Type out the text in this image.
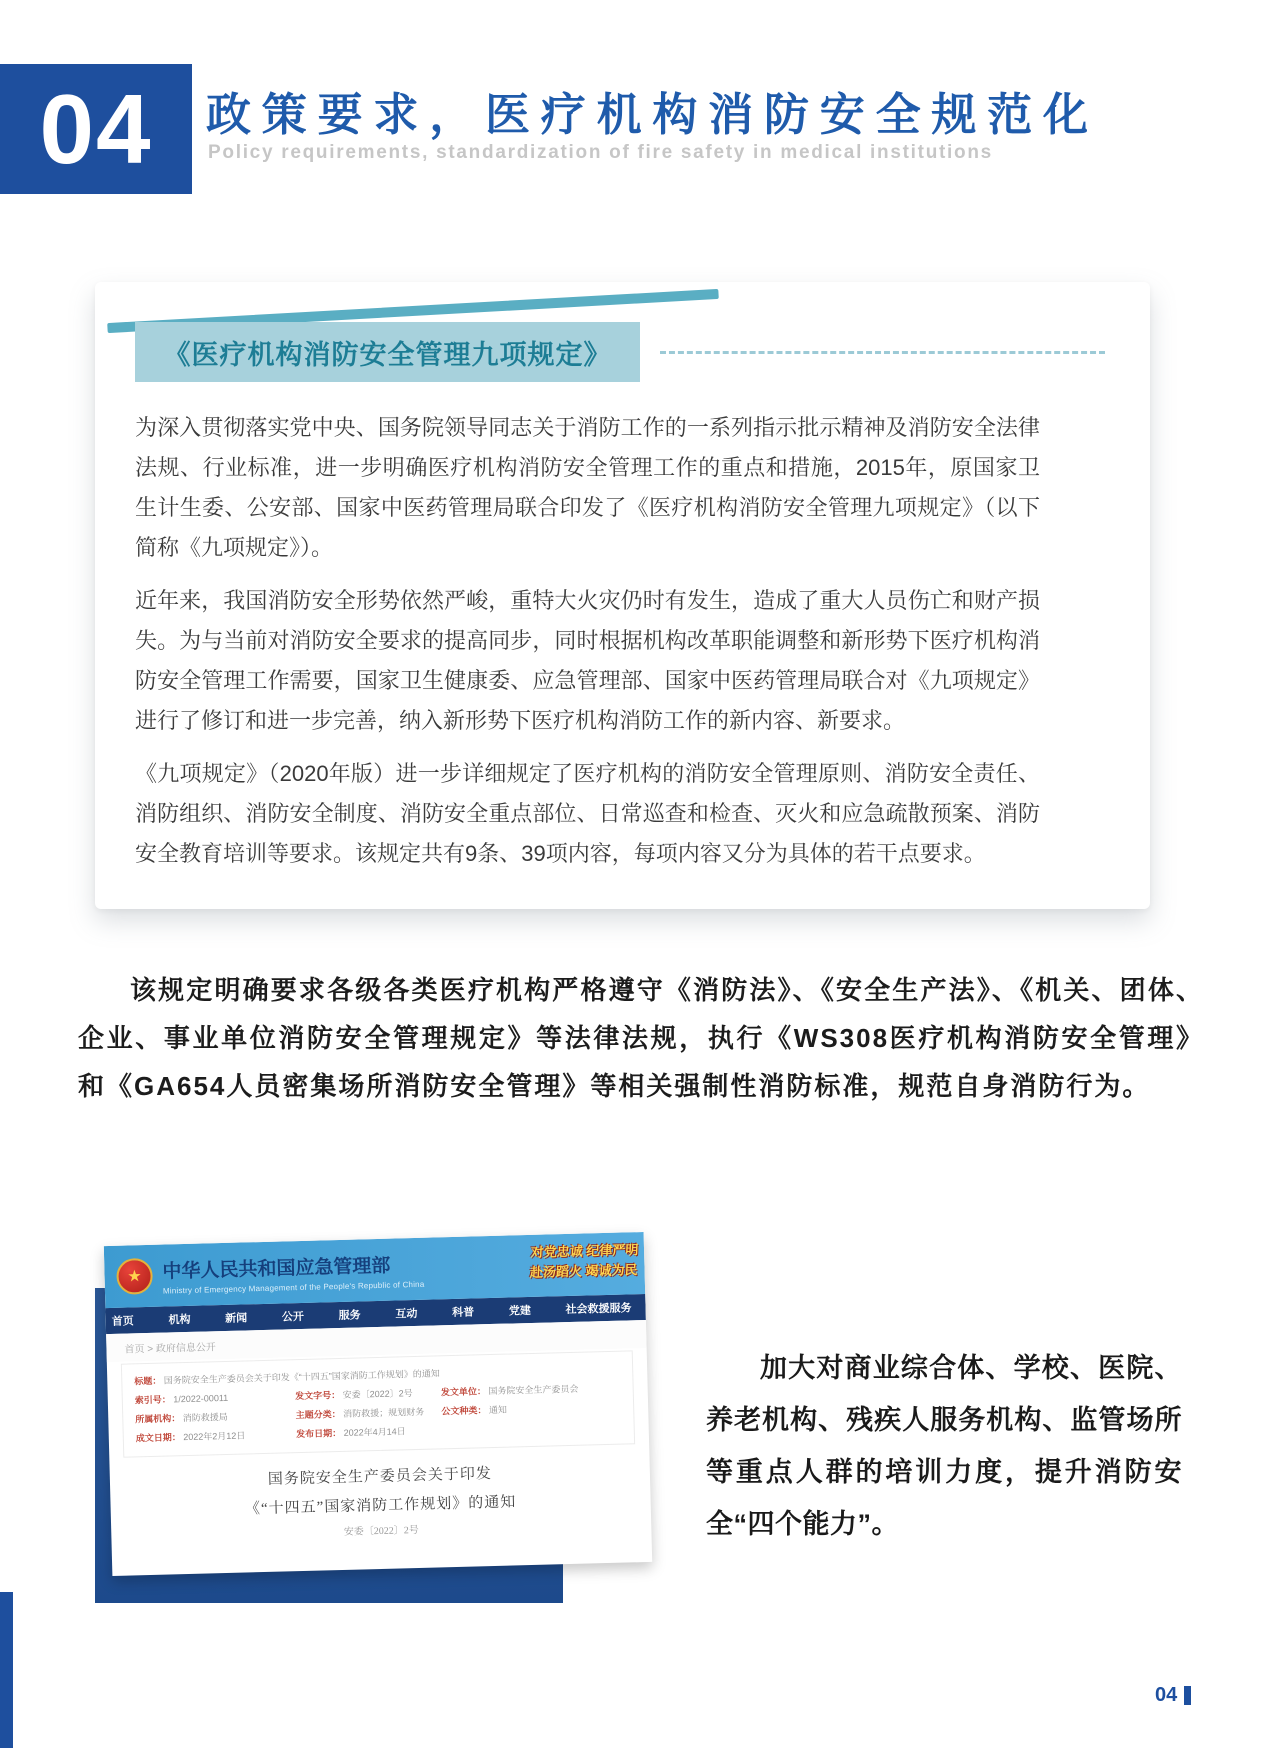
04 政策要求，医疗机构消防安全规范化
Policy requirements, standardization of fire safety in medical institutions
《医疗机构消防安全管理九项规定》

为深入贯彻落实党中央、国务院领导同志关于消防工作的一系列指示批示精神及消防安全法律法规、行业标准，进一步明确医疗机构消防安全管理工作的重点和措施，2015年，原国家卫生计生委、公安部、国家中医药管理局联合印发了《医疗机构消防安全管理九项规定》（以下简称《九项规定》）。

近年来，我国消防安全形势依然严峻，重特大火灾仍时有发生，造成了重大人员伤亡和财产损失。为与当前对消防安全要求的提高同步，同时根据机构改革职能调整和新形势下医疗机构消防安全管理工作需要，国家卫生健康委、应急管理部、国家中医药管理局联合对《九项规定》进行了修订和进一步完善，纳入新形势下医疗机构消防工作的新内容、新要求。

《九项规定》（2020年版）进一步详细规定了医疗机构的消防安全管理原则、消防安全责任、消防组织、消防安全制度、消防安全重点部位、日常巡查和检查、灭火和应急疏散预案、消防安全教育培训等要求。该规定共有9条、39项内容，每项内容又分为具体的若干点要求。

该规定明确要求各级各类医疗机构严格遵守《消防法》、《安全生产法》、《机关、团体、企业、事业单位消防安全管理规定》等法律法规，执行《WS308医疗机构消防安全管理》和《GA654人员密集场所消防安全管理》等相关强制性消防标准，规范自身消防行为。
★ 中华人民共和国应急管理部
Ministry of Emergency Management of the People's Republic of China
对党忠诚 纪律严明
赴汤蹈火 竭诚为民
首页	机构	新闻	公开	服务	互动	科普	党建	社会救援服务
首页 > 政府信息公开
标题： 国务院安全生产委员会关于印发《“十四五”国家消防工作规划》的通知
索引号： 1/2022-00011	发文字号： 安委〔2022〕2号	发文单位： 国务院安全生产委员会
所属机构： 消防救援局	主题分类： 消防救援；规划财务	公文种类： 通知
成文日期： 2022年2月12日	发布日期： 2022年4月14日
国务院安全生产委员会关于印发
《“十四五”国家消防工作规划》的通知
安委〔2022〕2号
加大对商业综合体、学校、医院、养老机构、残疾人服务机构、监管场所等重点人群的培训力度，提升消防安全“四个能力”。
04
